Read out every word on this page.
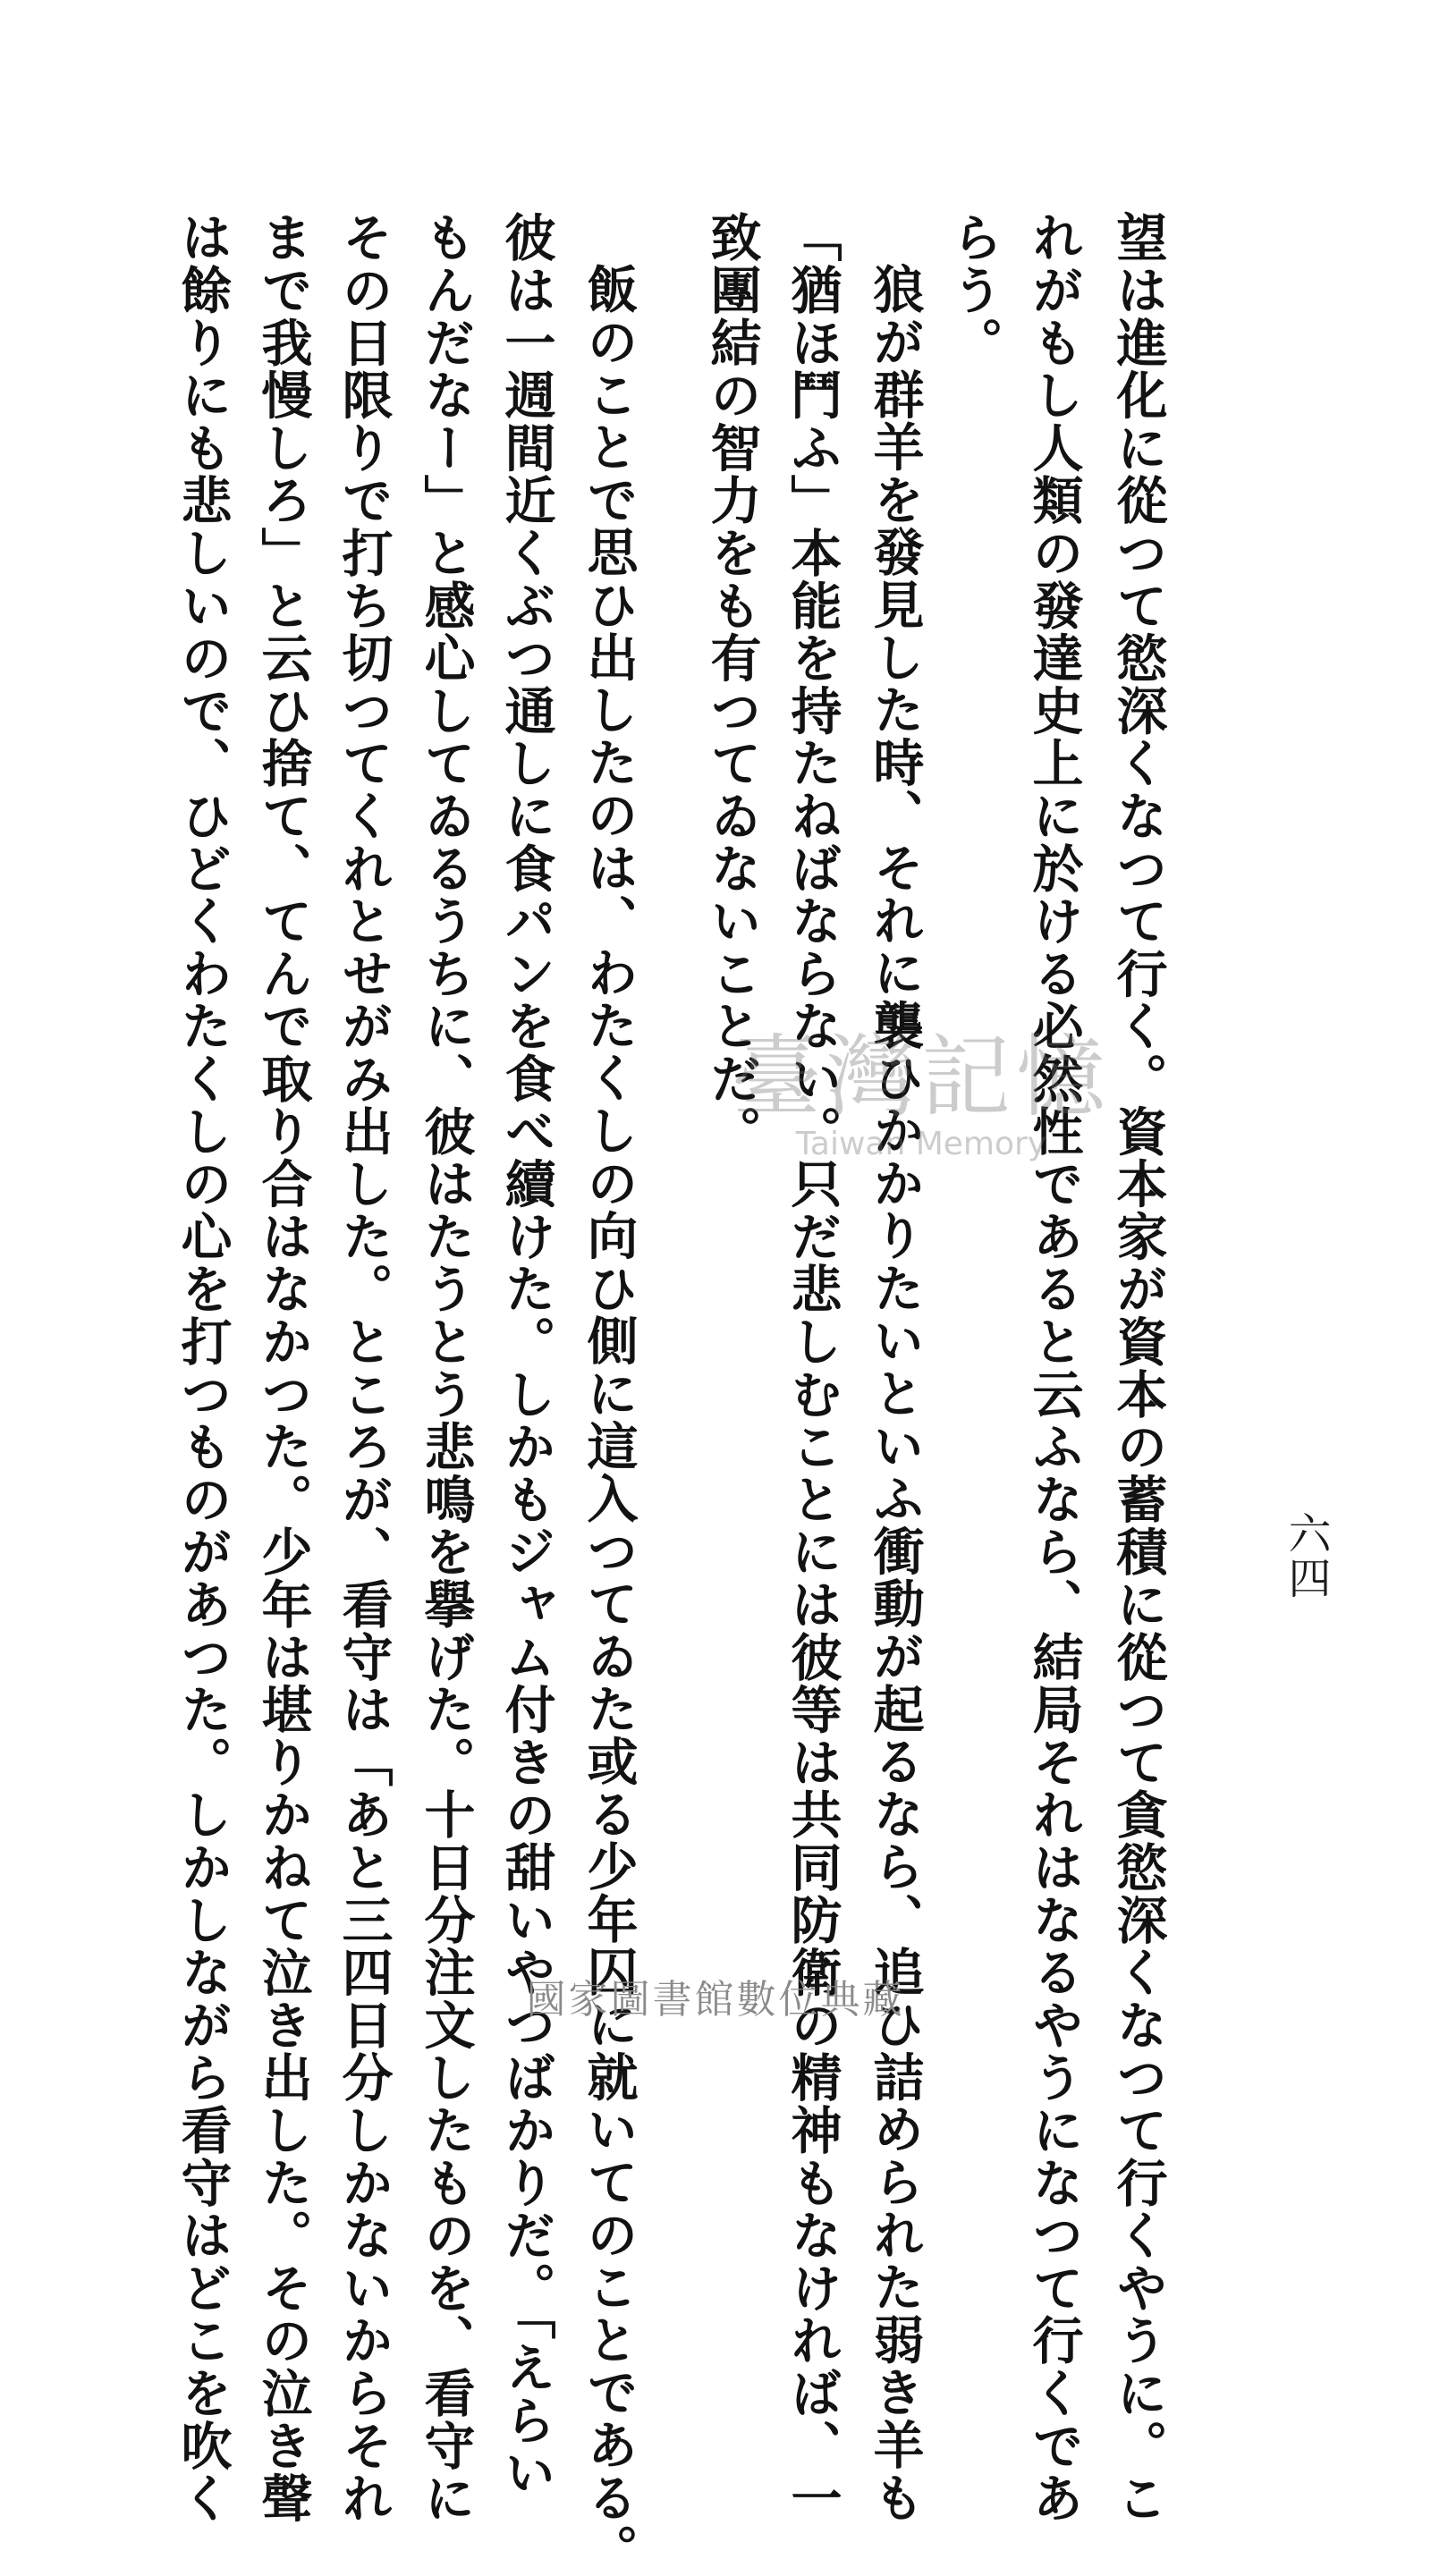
六四
望は進化に從つて慾深くなつて行く。資本家が資本の蓄積に從つて貪慾深くなつて行くやうに。こ
れがもし人類の發達史上に於ける必然性であると云ふなら、結局それはなるやうになつて行くであ
らう。
狼が群羊を發見した時、それに襲ひかかりたいといふ衝動が起るなら、追ひ詰められた弱き羊も
「猶ほ鬥ふ」本能を持たねばならない。只だ悲しむことには彼等は共同防衛の精神もなければ、一
致團結の智力をも有つてゐないことだ。
飯のことで思ひ出したのは、わたくしの向ひ側に這入つてゐた或る少年囚に就いてのことである。
彼は一週間近くぶつ通しに食パンを食べ續けた。しかもジャム付きの甜いやつばかりだ。「えらい
もんだなー」と感心してゐるうちに、彼はたうとう悲鳴を擧げた。十日分注文したものを、看守に
その日限りで打ち切つてくれとせがみ出した。ところが、看守は「あと三四日分しかないからそれ
まで我慢しろ」と云ひ捨て、てんで取り合はなかつた。少年は堪りかねて泣き出した。その泣き聲
は餘りにも悲しいので、ひどくわたくしの心を打つものがあつた。しかしながら看守はどこを吹く	臺灣記憶
Taiwan Memory
國家圖書館數位典藏
